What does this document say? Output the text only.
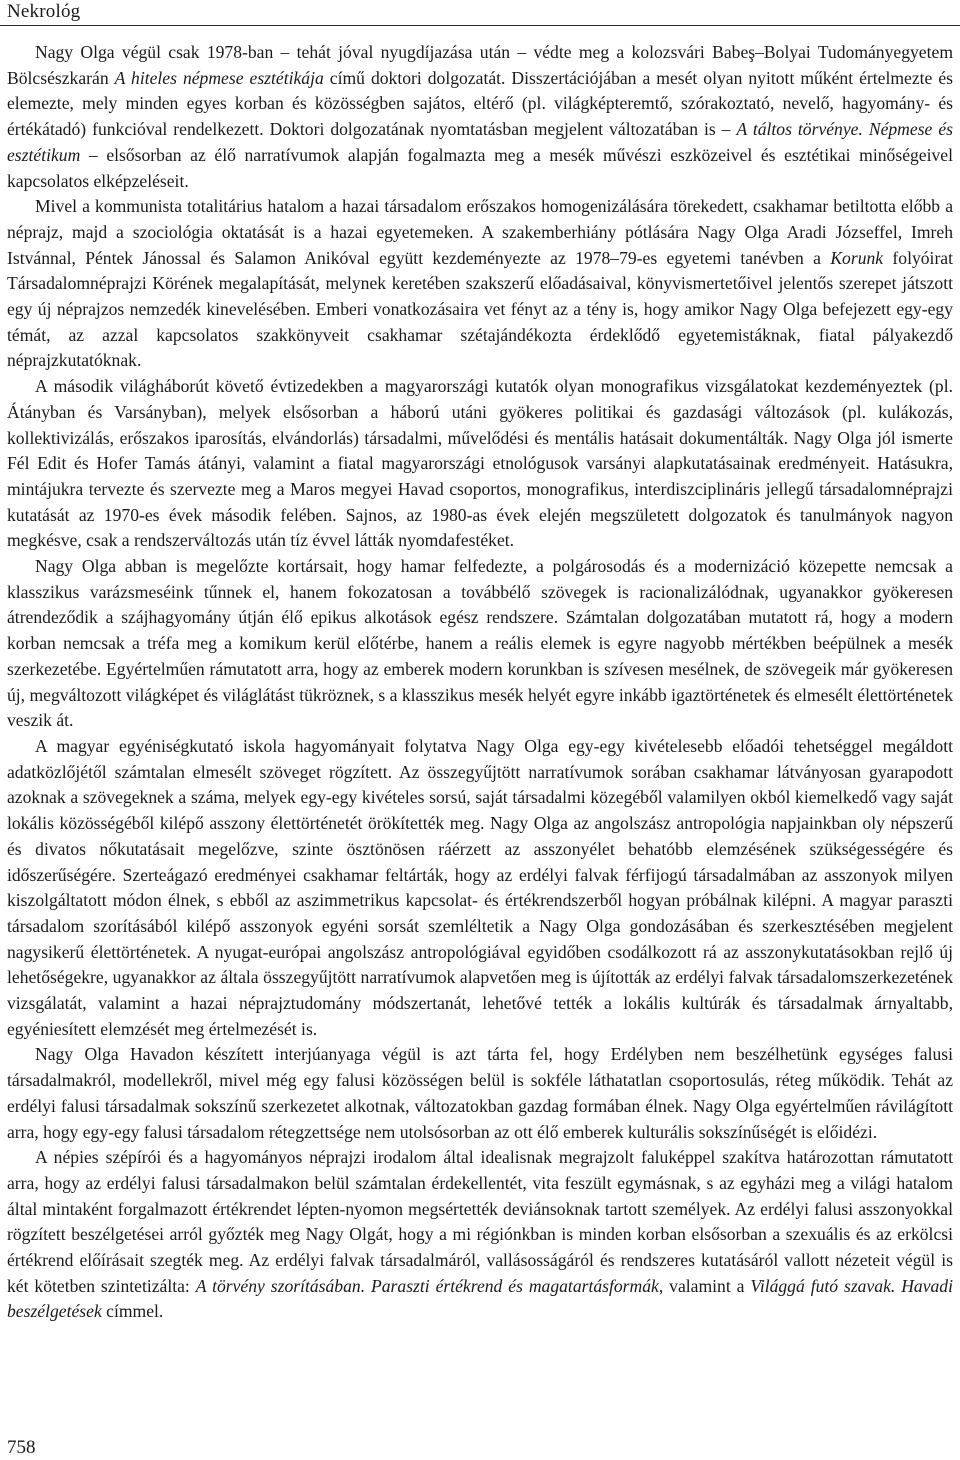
Nekrológ

Nagy Olga végül csak 1978-ban – tehát jóval nyugdíjazása után – védte meg a kolozsvári Babeş–Bolyai Tudományegyetem Bölcsészkarán A hiteles népmese esztétikája című doktori dolgozatát. Disszertációjában a mesét olyan nyitott műként értelmezte és elemezte, mely minden egyes korban és közösségben sajátos, eltérő (pl. világképteremtő, szórakoztató, nevelő, hagyomány- és értékátadó) funkcióval rendelkezett. Doktori dolgozatának nyomtatásban megjelent változatában is – A táltos törvénye. Népmese és esztétikum – elsősorban az élő narratívumok alapján fogalmazta meg a mesék művészi eszközeivel és esztétikai minőségeivel kapcsolatos elképzeléseit.

Mivel a kommunista totalitárius hatalom a hazai társadalom erőszakos homogenizálására törekedett, csakhamar betiltotta előbb a néprajz, majd a szociológia oktatását is a hazai egyetemeken. A szakemberhiány pótlására Nagy Olga Aradi Józseffel, Imreh Istvánnal, Péntek Jánossal és Salamon Anikóval együtt kezdeményezte az 1978–79-es egyetemi tanévben a Korunk folyóirat Társadalomnéprajzi Körének megalapítását, melynek keretében szakszerű előadásaival, könyvismertetőivel jelentős szerepet játszott egy új néprajzos nemzedék kinevelésében. Emberi vonatkozásaira vet fényt az a tény is, hogy amikor Nagy Olga befejezett egy-egy témát, az azzal kapcsolatos szakkönyveit csakhamar szétajándékozta érdeklődő egyetemistáknak, fiatal pályakezdő néprajzkutatóknak.

A második világháborút követő évtizedekben a magyarországi kutatók olyan monografikus vizsgálatokat kezdeményeztek (pl. Átányban és Varsányban), melyek elsősorban a háború utáni gyökeres politikai és gazdasági változások (pl. kulákozás, kollektivizálás, erőszakos iparosítás, elvándorlás) társadalmi, művelődési és mentális hatásait dokumentálták. Nagy Olga jól ismerte Fél Edit és Hofer Tamás átányi, valamint a fiatal magyarországi etnológusok varsányi alapkutatásainak eredményeit. Hatásukra, mintájukra tervezte és szervezte meg a Maros megyei Havad csoportos, monografikus, interdiszciplináris jellegű társadalomnéprajzi kutatását az 1970-es évek második felében. Sajnos, az 1980-as évek elején megszületett dolgozatok és tanulmányok nagyon megkésve, csak a rendszerváltozás után tíz évvel látták nyomdafestéket.

Nagy Olga abban is megelőzte kortársait, hogy hamar felfedezte, a polgárosodás és a modernizáció közepette nemcsak a klasszikus varázsmeséink tűnnek el, hanem fokozatosan a továbbélő szövegek is racionalizálódnak, ugyanakkor gyökeresen átrendeződik a szájhagyomány útján élő epikus alkotások egész rendszere. Számtalan dolgozatában mutatott rá, hogy a modern korban nemcsak a tréfa meg a komikum kerül előtérbe, hanem a reális elemek is egyre nagyobb mértékben beépülnek a mesék szerkezetébe. Egyértelműen rámutatott arra, hogy az emberek modern korunkban is szívesen mesélnek, de szövegeik már gyökeresen új, megváltozott világképet és világlátást tükröznek, s a klasszikus mesék helyét egyre inkább igaztörténetek és elmesélt élettörténetek veszik át.

A magyar egyéniségkutató iskola hagyományait folytatva Nagy Olga egy-egy kivételesebb előadói tehetséggel megáldott adatközlőjétől számtalan elmesélt szöveget rögzített. Az összegyűjtött narratívumok sorában csakhamar látványosan gyarapodott azoknak a szövegeknek a száma, melyek egy-egy kivételes sorsú, saját társadalmi közegéből valamilyen okból kiemelkedő vagy saját lokális közösségéből kilépő asszony élettörténetét örökítették meg. Nagy Olga az angolszász antropológia napjainkban oly népszerű és divatos nőkutatásait megelőzve, szinte ösztönösen ráérzett az asszonyélet behatóbb elemzésének szükségességére és időszerűségére. Szerteágazó eredményei csakhamar feltárták, hogy az erdélyi falvak férfijogú társadalmában az asszonyok milyen kiszolgáltatott módon élnek, s ebből az aszimmetrikus kapcsolat- és értékrendszerből hogyan próbálnak kilépni. A magyar paraszti társadalom szorításából kilépő asszonyok egyéni sorsát szemléltetik a Nagy Olga gondozásában és szerkesztésében megjelent nagysikerű élettörténetek. A nyugat-európai angolszász antropológiával egyidőben csodálkozott rá az asszonykutatásokban rejlő új lehetőségekre, ugyanakkor az általa összegyűjtött narratívumok alapvetően meg is újították az erdélyi falvak társadalomszerkezetének vizsgálatát, valamint a hazai néprajztudomány módszertanát, lehetővé tették a lokális kultúrák és társadalmak árnyaltabb, egyéniesített elemzését meg értelmezését is.

Nagy Olga Havadon készített interjúanyaga végül is azt tárta fel, hogy Erdélyben nem beszélhetünk egységes falusi társadalmakról, modellekről, mivel még egy falusi közösségen belül is sokféle láthatatlan csoportosulás, réteg működik. Tehát az erdélyi falusi társadalmak sokszínű szerkezetet alkotnak, változatokban gazdag formában élnek. Nagy Olga egyértelműen rávilágított arra, hogy egy-egy falusi társadalom rétegzettsége nem utolsósorban az ott élő emberek kulturális sokszínűségét is előidézi.

A népies szépírói és a hagyományos néprajzi irodalom által idealisnak megrajzolt faluképpel szakítva határozottan rámutatott arra, hogy az erdélyi falusi társadalmakon belül számtalan érdekellentét, vita feszült egymásnak, s az egyházi meg a világi hatalom által mintaként forgalmazott értékrendet lépten-nyomon megsértették deviánsoknak tartott személyek. Az erdélyi falusi asszonyokkal rögzített beszélgetései arról győzték meg Nagy Olgát, hogy a mi régiónkban is minden korban elsősorban a szexuális és az erkölcsi értékrend előírásait szegték meg. Az erdélyi falvak társadalmáról, vallásosságáról és rendszeres kutatásáról vallott nézeteit végül is két kötetben szintetizálta: A törvény szorításában. Paraszti értékrend és magatartásformák, valamint a Világgá futó szavak. Havadi beszélgetések címmel.

758
